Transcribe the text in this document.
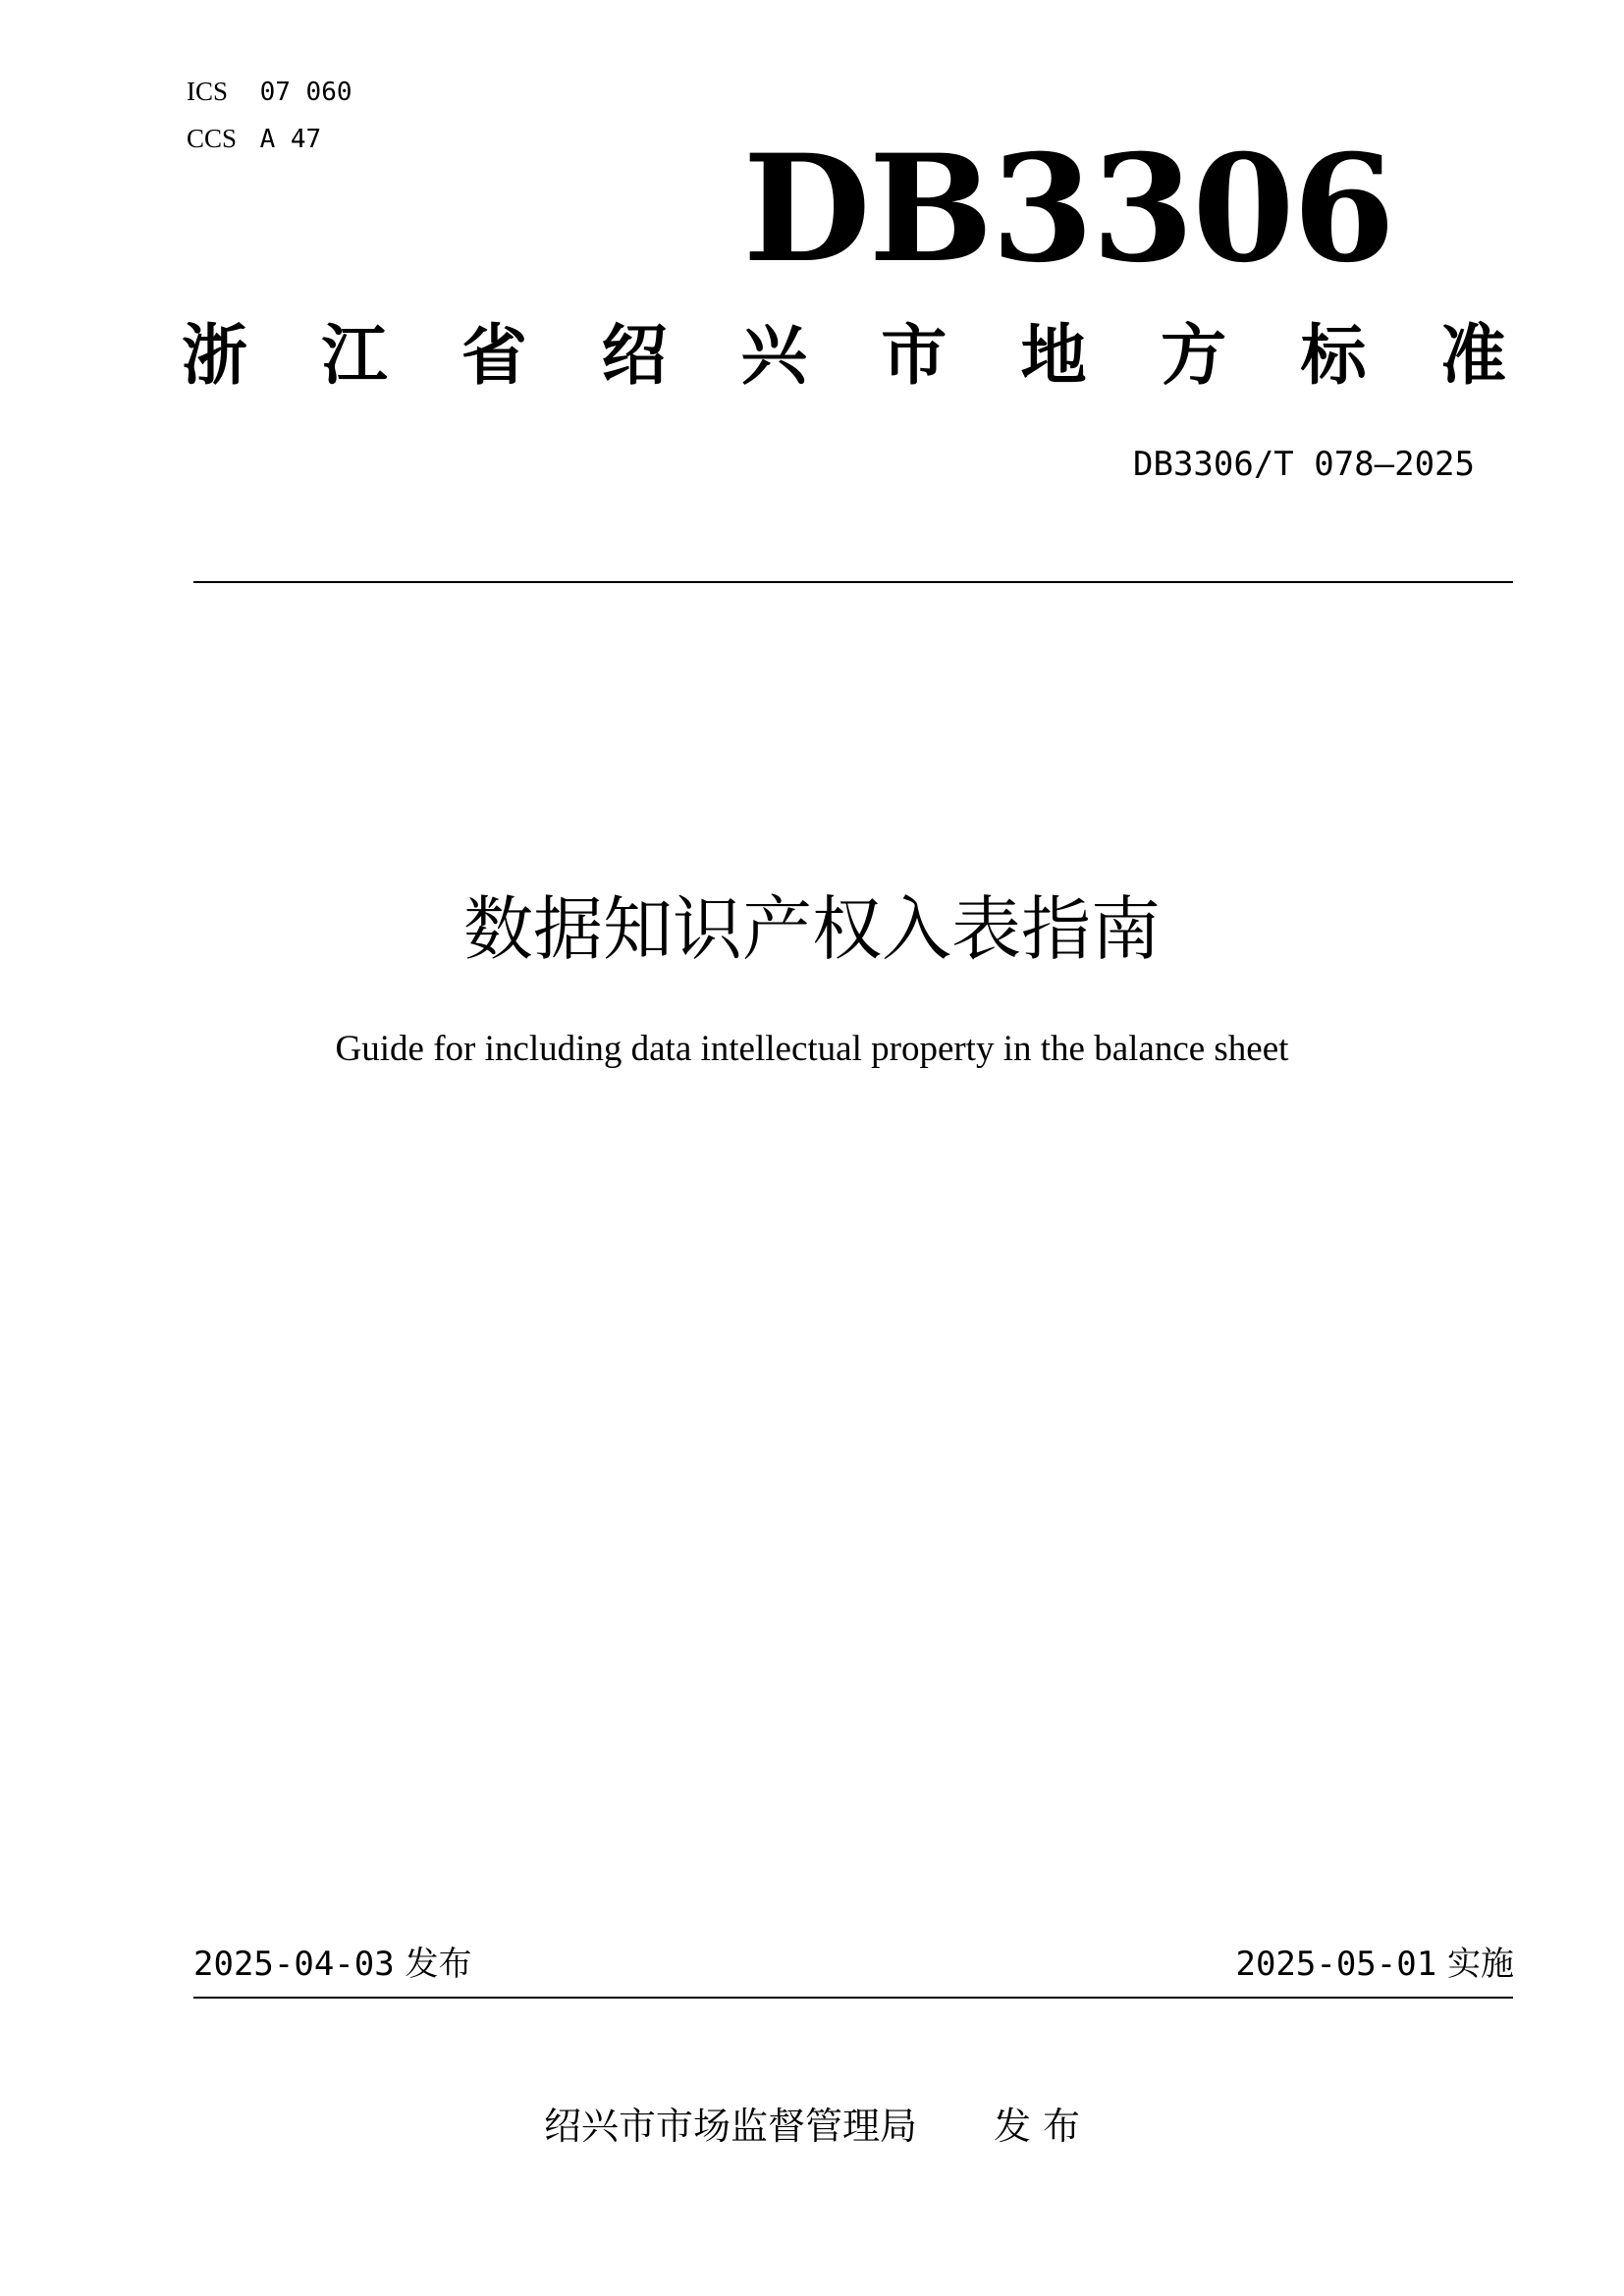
ICS 07 060
CCS A 47	DB3306
浙 江 省 绍 兴 市 地 方 标 准
DB3306/T 078—2025
数据知识产权入表指南
Guide for including data intellectual property in the balance sheet
2025-04-03 发布	2025-05-01 实施
绍兴市市场监督管理局 发 布
